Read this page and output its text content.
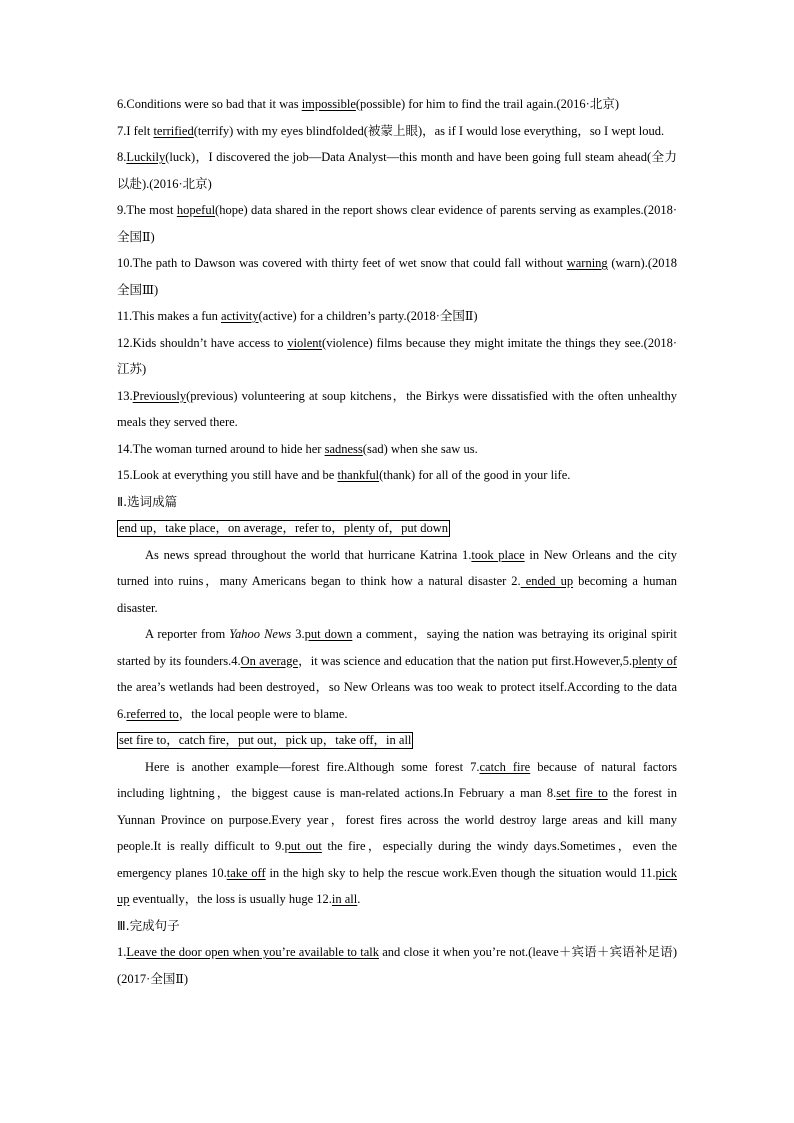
6.Conditions were so bad that it was impossible(possible) for him to find the trail again.(2016·北京)

7.I felt terrified(terrify) with my eyes blindfolded(被蒙上眼)，as if I would lose everything，so I wept loud.

8.Luckily(luck)，I discovered the job—Data Analyst—this month and have been going full steam ahead(全力以赴).(2016·北京)

9.The most hopeful(hope) data shared in the report shows clear evidence of parents serving as examples.(2018·全国Ⅱ)

10.The path to Dawson was covered with thirty feet of wet snow that could fall without warning (warn).(2018全国Ⅲ)

11.This makes a fun activity(active) for a children’s party.(2018·全国Ⅱ)

12.Kids shouldn’t have access to violent(violence) films because they might imitate the things they see.(2018·江苏)

13.Previously(previous) volunteering at soup kitchens，the Birkys were dissatisfied with the often unhealthy meals they served there.

14.The woman turned around to hide her sadness(sad) when she saw us.

15.Look at everything you still have and be thankful(thank) for all of the good in your life.

Ⅱ.选词成篇

end up，take place，on average，refer to，plenty of，put down

As news spread throughout the world that hurricane Katrina 1.took place in New Orleans and the city turned into ruins，many Americans began to think how a natural disaster 2. ended up becoming a human disaster.

A reporter from Yahoo News 3.put down a comment，saying the nation was betraying its original spirit started by its founders.4.On average，it was science and education that the nation put first.However,5.plenty of the area’s wetlands had been destroyed，so New Orleans was too weak to protect itself.According to the data 6.referred to，the local people were to blame.

set fire to，catch fire，put out，pick up，take off，in all

Here is another example—forest fire.Although some forest 7.catch fire because of natural factors including lightning，the biggest cause is man-related actions.In February a man 8.set fire to the forest in Yunnan Province on purpose.Every year，forest fires across the world destroy large areas and kill many people.It is really difficult to 9.put out the fire，especially during the windy days.Sometimes，even the emergency planes 10.take off in the high sky to help the rescue work.Even though the situation would 11.pick up eventually，the loss is usually huge 12.in all.

Ⅲ.完成句子

1.Leave the door open when you’re available to talk and close it when you’re not.(leave＋宾语＋宾语补足语)(2017·全国Ⅱ)
